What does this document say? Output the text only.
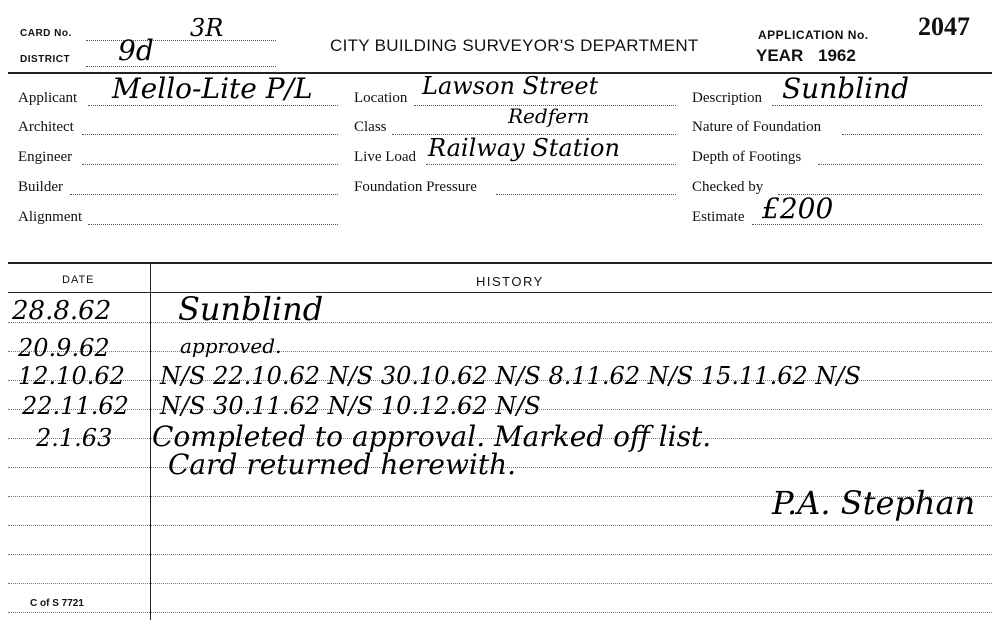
CARD No.	3R
DISTRICT 9d	CITY BUILDING SURVEYOR'S DEPARTMENT
APPLICATION No. 2047
YEAR 1962
Applicant Mello-Lite P/L
Architect
Engineer
Builder
Alignment
Location Lawson Street
Class	Redfern
Live Load Railway Station
Foundation Pressure
Description Sunblind
Nature of Foundation
Depth of Footings
Checked by
Estimate £200
DATE	HISTORY
28.8.62 Sunblind
20.9.62	approved.
12.10.62 N/S 22.10.62 N/S 30.10.62 N/S 8.11.62 N/S 15.11.62 N/S
22.11.62 N/S 30.11.62 N/S 10.12.62 N/S
2.1.63 Completed to approval. Marked off list.
Card returned herewith.
P.A. Stephan
C of S 7721
